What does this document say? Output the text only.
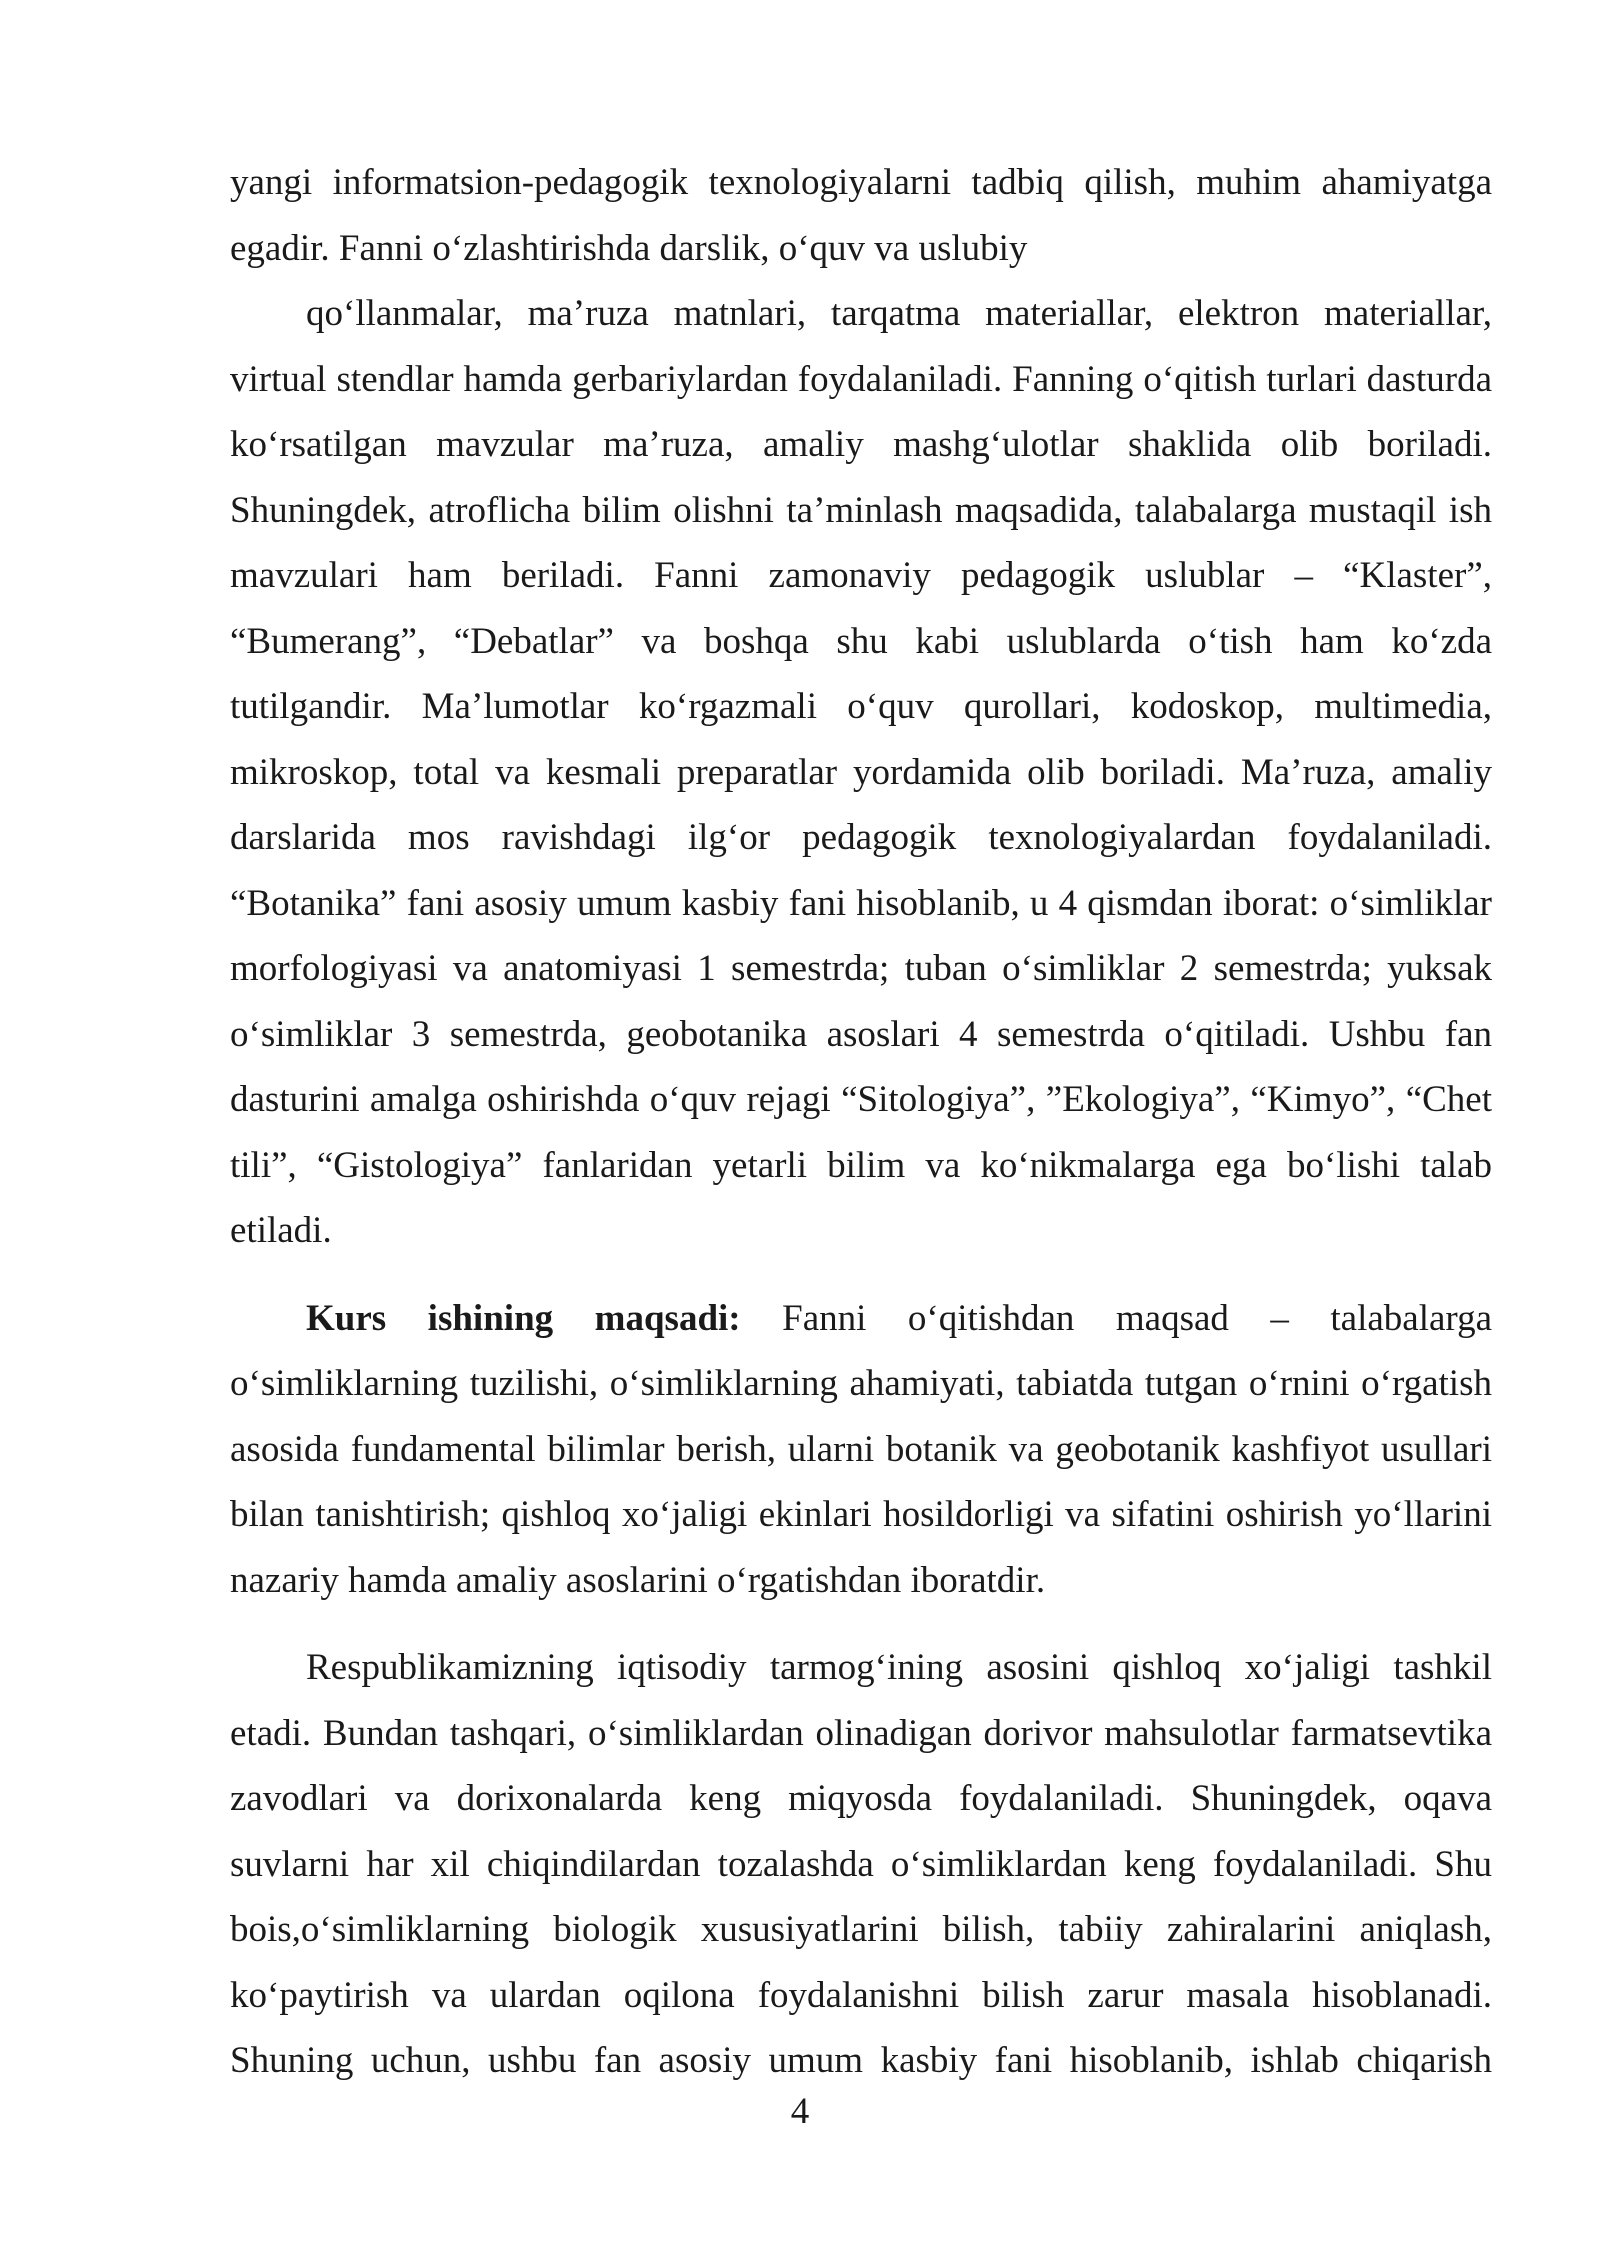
yangi informatsion-pedagogik texnologiyalarni tadbiq qilish, muhim ahamiyatga egadir. Fanni o‘zlashtirishda darslik, o‘quv va uslubiy

qo‘llanmalar, ma’ruza matnlari, tarqatma materiallar, elektron materiallar, virtual stendlar hamda gerbariylardan foydalaniladi. Fanning o‘qitish turlari dasturda ko‘rsatilgan mavzular ma’ruza, amaliy mashg‘ulotlar shaklida olib boriladi. Shuningdek, atroflicha bilim olishni ta’minlash maqsadida, talabalarga mustaqil ish mavzulari ham beriladi. Fanni zamonaviy pedagogik uslublar – “Klaster”, “Bumerang”, “Debatlar” va boshqa shu kabi uslublarda o‘tish ham ko‘zda tutilgandir. Ma’lumotlar ko‘rgazmali o‘quv qurollari, kodoskop, multimedia, mikroskop, total va kesmali preparatlar yordamida olib boriladi. Ma’ruza, amaliy darslarida mos ravishdagi ilg‘or pedagogik texnologiyalardan foydalaniladi. “Botanika” fani asosiy umum kasbiy fani hisoblanib, u 4 qismdan iborat: o‘simliklar morfologiyasi va anatomiyasi 1 semestrda; tuban o‘simliklar 2 semestrda; yuksak o‘simliklar 3 semestrda, geobotanika asoslari 4 semestrda o‘qitiladi. Ushbu fan dasturini amalga oshirishda o‘quv rejagi “Sitologiya”, ”Ekologiya”, “Kimyo”, “Chet tili”, “Gistologiya” fanlaridan yetarli bilim va ko‘nikmalarga ega bo‘lishi talab etiladi.

Kurs ishining maqsadi: Fanni o‘qitishdan maqsad – talabalarga o‘simliklarning tuzilishi, o‘simliklarning ahamiyati, tabiatda tutgan o‘rnini o‘rgatish asosida fundamental bilimlar berish, ularni botanik va geobotanik kashfiyot usullari bilan tanishtirish; qishloq xo‘jaligi ekinlari hosildorligi va sifatini oshirish yo‘llarini nazariy hamda amaliy asoslarini o‘rgatishdan iboratdir.

Respublikamizning iqtisodiy tarmog‘ining asosini qishloq xo‘jaligi tashkil etadi. Bundan tashqari, o‘simliklardan olinadigan dorivor mahsulotlar farmatsevtika zavodlari va dorixonalarda keng miqyosda foydalaniladi. Shuningdek, oqava suvlarni har xil chiqindilardan tozalashda o‘simliklardan keng foydalaniladi. Shu bois,o‘simliklarning biologik xususiyatlarini bilish, tabiiy zahiralarini aniqlash, ko‘paytirish va ulardan oqilona foydalanishni bilish zarur masala hisoblanadi. Shuning uchun, ushbu fan asosiy umum kasbiy fani hisoblanib, ishlab chiqarish

4
